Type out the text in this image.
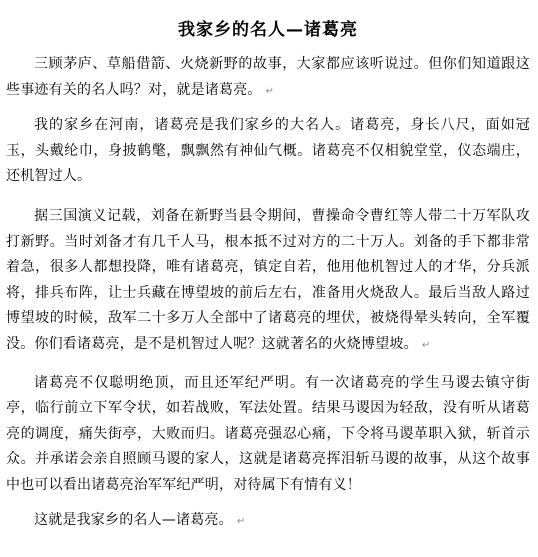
我家乡的名人—诸葛亮

三顾茅庐、草船借箭、火烧新野的故事，大家都应该听说过。但你们知道跟这些事迹有关的名人吗？对，就是诸葛亮。 ↵

我的家乡在河南，诸葛亮是我们家乡的大名人。诸葛亮，身长八尺，面如冠玉，头戴纶巾，身披鹤氅，飘飘然有神仙气概。诸葛亮不仅相貌堂堂，仪态端庄，还机智过人。

据三国演义记载，刘备在新野当县令期间，曹操命令曹红等人带二十万军队攻打新野。当时刘备才有几千人马，根本抵不过对方的二十万人。刘备的手下都非常着急，很多人都想投降，唯有诸葛亮，镇定自若，他用他机智过人的才华，分兵派将，排兵布阵，让士兵藏在博望坡的前后左右，准备用火烧敌人。最后当敌人路过博望坡的时候，敌军二十多万人全部中了诸葛亮的埋伏，被烧得晕头转向，全军覆没。你们看诸葛亮，是不是机智过人呢？这就著名的火烧博望坡。 ↵

诸葛亮不仅聪明绝顶，而且还军纪严明。有一次诸葛亮的学生马谡去镇守街亭，临行前立下军令状，如若战败，军法处置。结果马谡因为轻敌，没有听从诸葛亮的调度，痛失街亭，大败而归。诸葛亮强忍心痛，下令将马谡革职入狱，斩首示众。并承诺会亲自照顾马谡的家人，这就是诸葛亮挥泪斩马谡的故事，从这个故事中也可以看出诸葛亮治军军纪严明，对待属下有情有义！

这就是我家乡的名人—诸葛亮。 ↵
